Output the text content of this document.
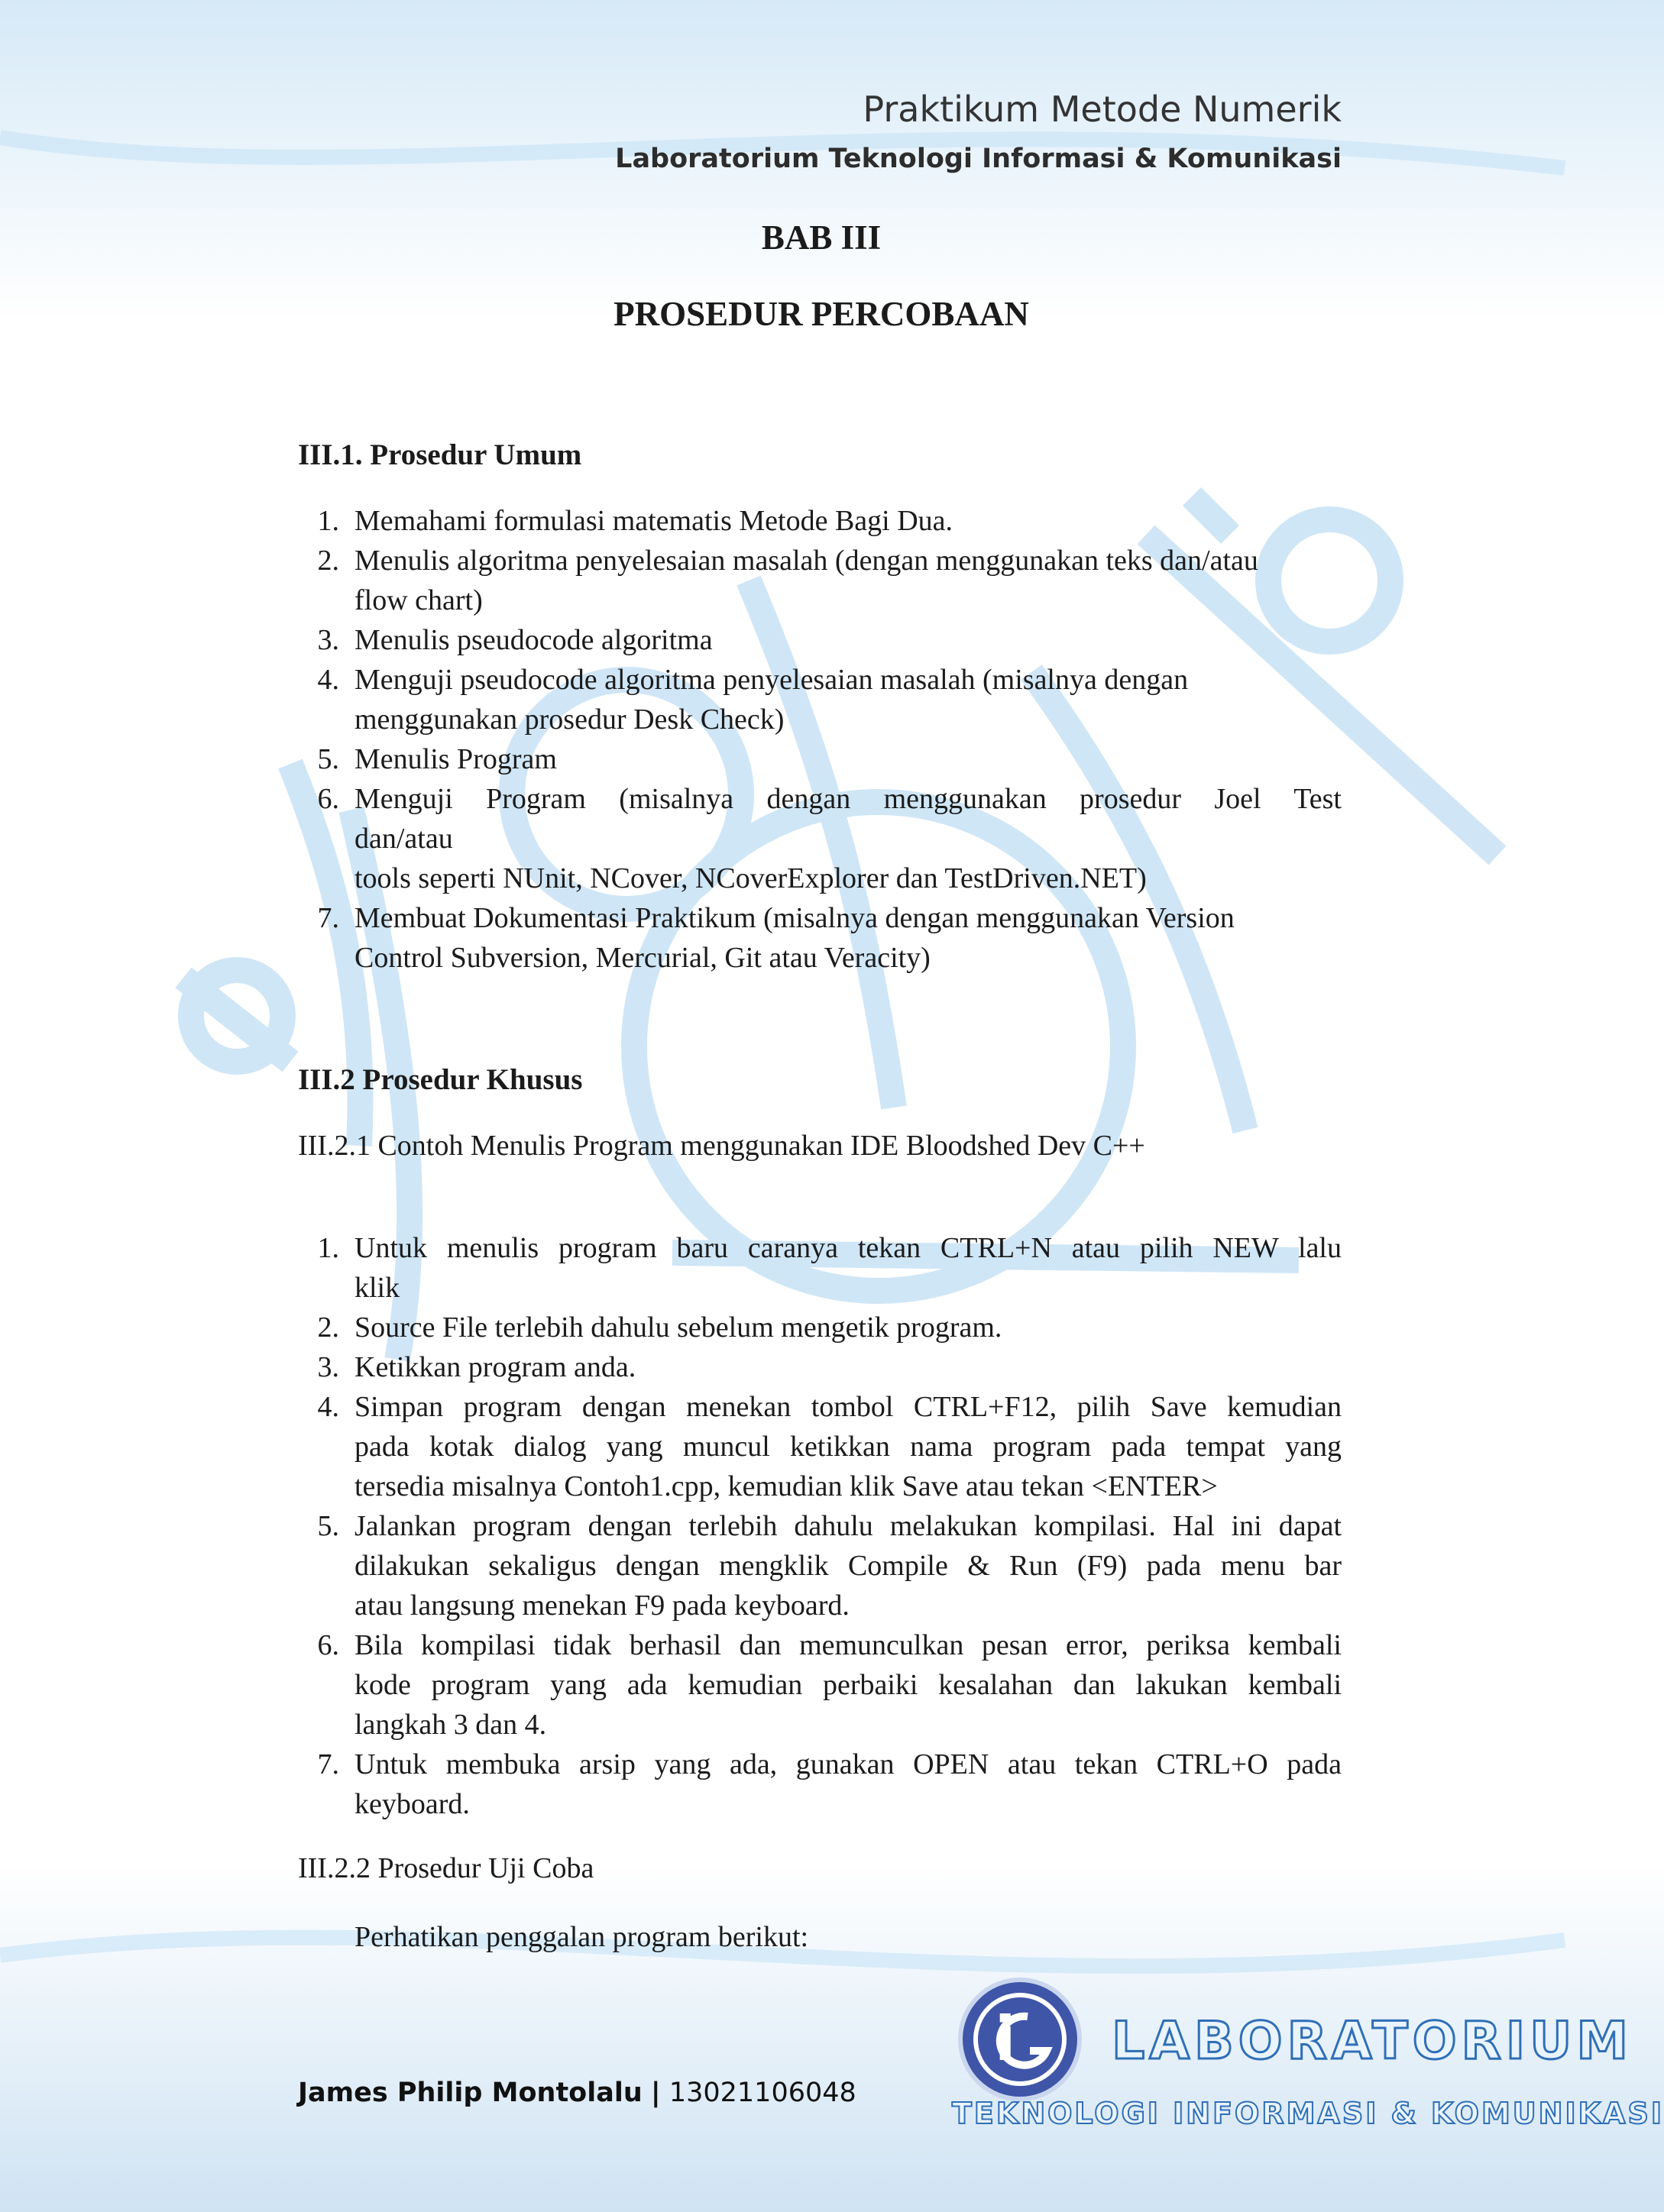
Praktikum Metode Numerik
Laboratorium Teknologi Informasi & Komunikasi
BAB III
PROSEDUR PERCOBAAN
III.1. Prosedur Umum
1. Memahami formulasi matematis Metode Bagi Dua.
2. Menulis algoritma penyelesaian masalah (dengan menggunakan teks dan/atau
flow chart)
3. Menulis pseudocode algoritma
4. Menguji pseudocode algoritma penyelesaian masalah (misalnya dengan
menggunakan prosedur Desk Check)
5. Menulis Program
6. Menguji Program (misalnya dengan menggunakan prosedur Joel Test
dan/atau
tools seperti NUnit, NCover, NCoverExplorer dan TestDriven.NET)
7. Membuat Dokumentasi Praktikum (misalnya dengan menggunakan Version
Control Subversion, Mercurial, Git atau Veracity)
III.2 Prosedur Khusus
III.2.1 Contoh Menulis Program menggunakan IDE Bloodshed Dev C++
1. Untuk menulis program baru caranya tekan CTRL+N atau pilih NEW lalu
klik
2. Source File terlebih dahulu sebelum mengetik program.
3. Ketikkan program anda.
4. Simpan program dengan menekan tombol CTRL+F12, pilih Save kemudian
pada kotak dialog yang muncul ketikkan nama program pada tempat yang
tersedia misalnya Contoh1.cpp, kemudian klik Save atau tekan <ENTER>
5. Jalankan program dengan terlebih dahulu melakukan kompilasi. Hal ini dapat
dilakukan sekaligus dengan mengklik Compile & Run (F9) pada menu bar
atau langsung menekan F9 pada keyboard.
6. Bila kompilasi tidak berhasil dan memunculkan pesan error, periksa kembali
kode program yang ada kemudian perbaiki kesalahan dan lakukan kembali
langkah 3 dan 4.
7. Untuk membuka arsip yang ada, gunakan OPEN atau tekan CTRL+O pada
keyboard.
III.2.2 Prosedur Uji Coba
Perhatikan penggalan program berikut:
James Philip Montolalu | 13021106048
i LABORATORIUM
TEKNOLOGI INFORMASI & KOMUNIKASI
